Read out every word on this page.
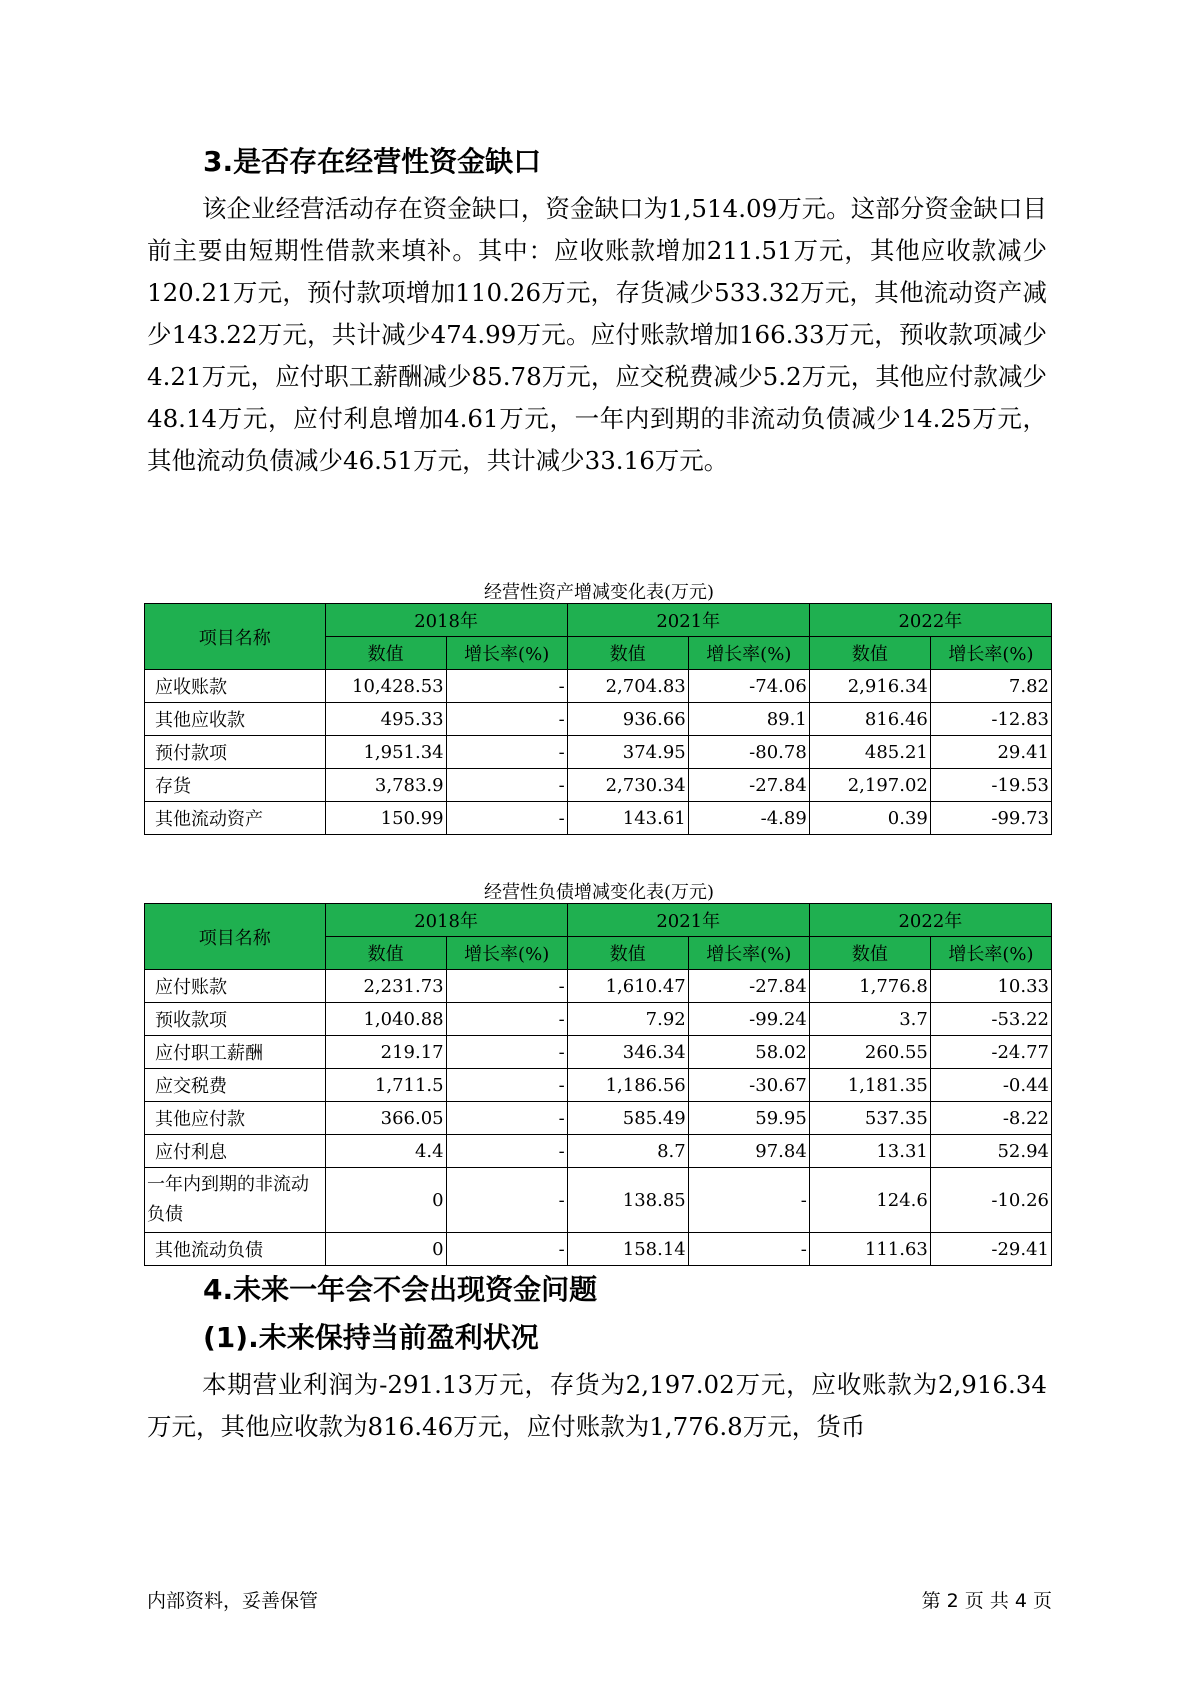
3.是否存在经营性资金缺口

该企业经营活动存在资金缺口，资金缺口为1,514.09万元。这部分资金缺口目前主要由短期性借款来填补。其中：应收账款增加211.51万元，其他应收款减少120.21万元，预付款项增加110.26万元，存货减少533.32万元，其他流动资产减少143.22万元，共计减少474.99万元。应付账款增加166.33万元，预收款项减少4.21万元，应付职工薪酬减少85.78万元，应交税费减少5.2万元，其他应付款减少48.14万元，应付利息增加4.61万元，一年内到期的非流动负债减少14.25万元，其他流动负债减少46.51万元，共计减少33.16万元。

经营性资产增减变化表(万元)

项目名称	2018年		2021年		2022年	
	数值	增长率(%)	数值	增长率(%)	数值	增长率(%)
应收账款	10,428.53	-	2,704.83	-74.06	2,916.34	7.82
其他应收款	495.33	-	936.66	89.1	816.46	-12.83
预付款项	1,951.34	-	374.95	-80.78	485.21	29.41
存货	3,783.9	-	2,730.34	-27.84	2,197.02	-19.53
其他流动资产	150.99	-	143.61	-4.89	0.39	-99.73

经营性负债增减变化表(万元)

项目名称	2018年		2021年		2022年	
	数值	增长率(%)	数值	增长率(%)	数值	增长率(%)
应付账款	2,231.73	-	1,610.47	-27.84	1,776.8	10.33
预收款项	1,040.88	-	7.92	-99.24	3.7	-53.22
应付职工薪酬	219.17	-	346.34	58.02	260.55	-24.77
应交税费	1,711.5	-	1,186.56	-30.67	1,181.35	-0.44
其他应付款	366.05	-	585.49	59.95	537.35	-8.22
应付利息	4.4	-	8.7	97.84	13.31	52.94
一年内到期的非流动负债	0	-	138.85	-	124.6	-10.26
其他流动负债	0	-	158.14	-	111.63	-29.41
4.未来一年会不会出现资金问题
(1).未来保持当前盈利状况

本期营业利润为-291.13万元，存货为2,197.02万元，应收账款为2,916.34万元，其他应收款为816.46万元，应付账款为1,776.8万元，货币

内部资料，妥善保管	第 2 页 共 4 页
